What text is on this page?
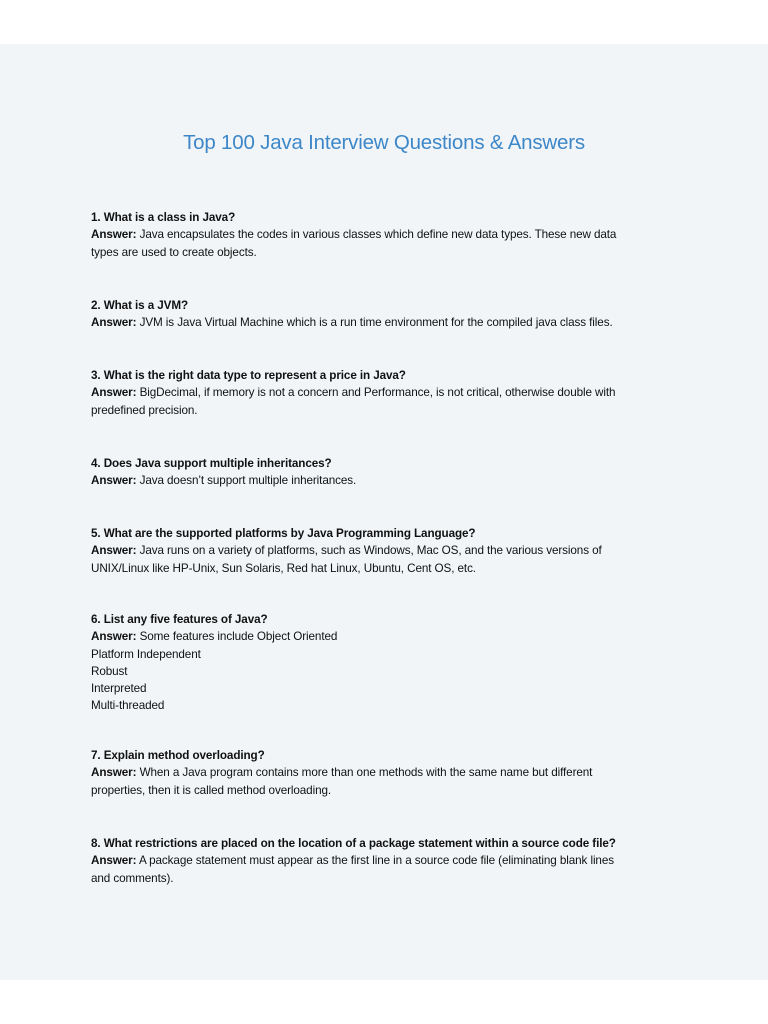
Top 100 Java Interview Questions & Answers
1. What is a class in Java?
Answer: Java encapsulates the codes in various classes which define new data types. These new data
types are used to create objects.
2. What is a JVM?
Answer: JVM is Java Virtual Machine which is a run time environment for the compiled java class files.
3. What is the right data type to represent a price in Java?
Answer: BigDecimal, if memory is not a concern and Performance, is not critical, otherwise double with
predefined precision.
4. Does Java support multiple inheritances?
Answer: Java doesn’t support multiple inheritances.
5. What are the supported platforms by Java Programming Language?
Answer: Java runs on a variety of platforms, such as Windows, Mac OS, and the various versions of
UNIX/Linux like HP-Unix, Sun Solaris, Red hat Linux, Ubuntu, Cent OS, etc.
6. List any five features of Java?
Answer: Some features include Object Oriented
Platform Independent
Robust
Interpreted
Multi-threaded
7. Explain method overloading?
Answer: When a Java program contains more than one methods with the same name but different
properties, then it is called method overloading.
8. What restrictions are placed on the location of a package statement within a source code file?
Answer: A package statement must appear as the first line in a source code file (eliminating blank lines
and comments).
